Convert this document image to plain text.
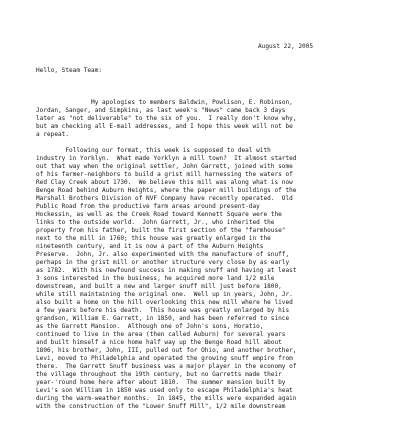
August 22, 2005

Hello, Steam Team:

My apologies to members Baldwin, Powlison, E. Robinson,
Jordan, Sanger, and Simpkins, as last week's "News" came back 3 days
later as "not deliverable" to the six of you.  I really don't know why,
but am checking all E-mail addresses, and I hope this week will not be
a repeat.
Following our format, this week is supposed to deal with
industry in Yorklyn.  What made Yorklyn a mill town?  It almost started
out that way when the original settler, John Garrett, joined with some
of his farmer-neighbors to build a grist mill harnessing the waters of
Red Clay Creek about 1730.  We believe this mill was along what is now
Benge Road behind Auburn Heights, where the paper mill buildings of the
Marshall Brothers Division of NVF Company have recently operated.  Old
Public Road from the productive farm areas around present-day
Hockessin, as well as the Creek Road toward Kennett Square were the
links to the outside world.  John Garrett, Jr., who inherited the
property from his father, built the first section of the "farmhouse"
next to the mill in 1760; this house was greatly enlarged in the
nineteenth century, and it is now a part of the Auburn Heights
Preserve.  John, Jr. also experimented with the manufacture of snuff,
perhaps in the grist mill or another structure very close by as early
as 1782.  With his newfound success in making snuff and having at least
3 sons interested in the business, he acquired more land 1/2 mile
downstream, and built a new and larger snuff mill just before 1800,
while still maintaining the original one.  Well up in years, John, Jr.
also built a home on the hill overlooking this new mill where he lived
a few years before his death.  This house was greatly enlarged by his
grandson, William E. Garrett, in 1850, and has been referred to since
as the Garrett Mansion.  Although one of John's sons, Horatio,
continued to live in the area (then called Auburn) for several years
and built himself a nice home half way up the Benge Road hill about
1806, his brother, John, III, pulled out for Ohio, and another brother,
Levi, moved to Philadelphia and operated the growing snuff empire from
there.  The Garrett Snuff business was a major player in the economy of
the village throughout the 19th century, but no Garretts made their
year-'round home here after about 1810.  The summer mansion built by
Levi's son William in 1850 was used only to escape Philadelphia's heat
during the warm-weather months.  In 1845, the mills were expanded again
with the construction of the "Lower Snuff Mill", 1/2 mile downstream
